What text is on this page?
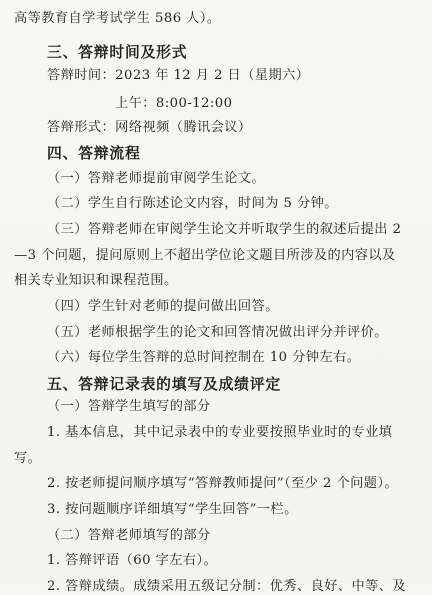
高等教育自学考试学生 586 人）。
三、答辩时间及形式
答辩时间：2023 年 12 月 2 日（星期六）
上午：8:00-12:00
答辩形式：网络视频（腾讯会议）
四、答辩流程
（一）答辩老师提前审阅学生论文。
（二）学生自行陈述论文内容，时间为 5 分钟。
（三）答辩老师在审阅学生论文并听取学生的叙述后提出 2
—3 个问题，提问原则上不超出学位论文题目所涉及的内容以及
相关专业知识和课程范围。
（四）学生针对老师的提问做出回答。
（五）老师根据学生的论文和回答情况做出评分并评价。
（六）每位学生答辩的总时间控制在 10 分钟左右。
五、答辩记录表的填写及成绩评定
（一）答辩学生填写的部分
1. 基本信息，其中记录表中的专业要按照毕业时的专业填
写。
2. 按老师提问顺序填写“答辩教师提问”（至少 2 个问题）。
3. 按问题顺序详细填写“学生回答”一栏。
（二）答辩老师填写的部分
1. 答辩评语（60 字左右）。
2. 答辩成绩。成绩采用五级记分制：优秀、良好、中等、及
